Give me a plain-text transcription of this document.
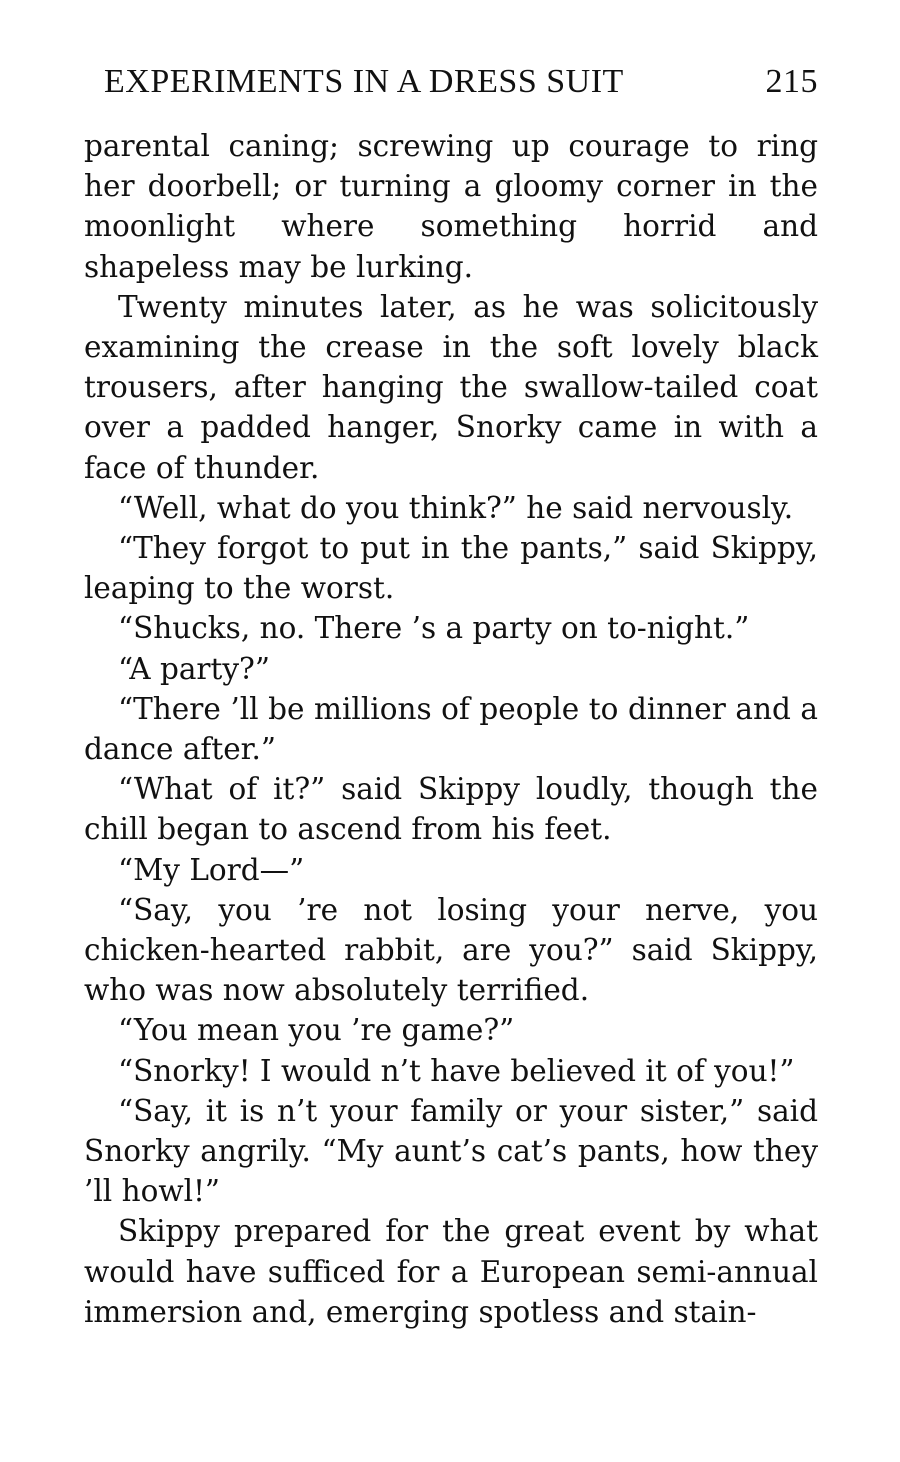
EXPERIMENTS IN A DRESS SUIT	215

parental caning; screwing up courage to ring her doorbell; or turning a gloomy corner in the moonlight where something horrid and shapeless may be lurking.

Twenty minutes later, as he was solicitously examining the crease in the soft lovely black trousers, after hanging the swallow-tailed coat over a padded hanger, Snorky came in with a face of thunder.

“Well, what do you think?” he said nervously.

“They forgot to put in the pants,” said Skippy, leaping to the worst.

“Shucks, no. There ’s a party on to-night.”

“A party?”

“There ’ll be millions of people to dinner and a dance after.”

“What of it?” said Skippy loudly, though the chill began to ascend from his feet.

“My Lord—”

“Say, you ’re not losing your nerve, you chicken-hearted rabbit, are you?” said Skippy, who was now absolutely terrified.

“You mean you ’re game?”

“Snorky! I would n’t have believed it of you!”

“Say, it is n’t your family or your sister,” said Snorky angrily. “My aunt’s cat’s pants, how they ’ll howl!”

Skippy prepared for the great event by what would have sufficed for a European semi-annual immersion and, emerging spotless and stain-
